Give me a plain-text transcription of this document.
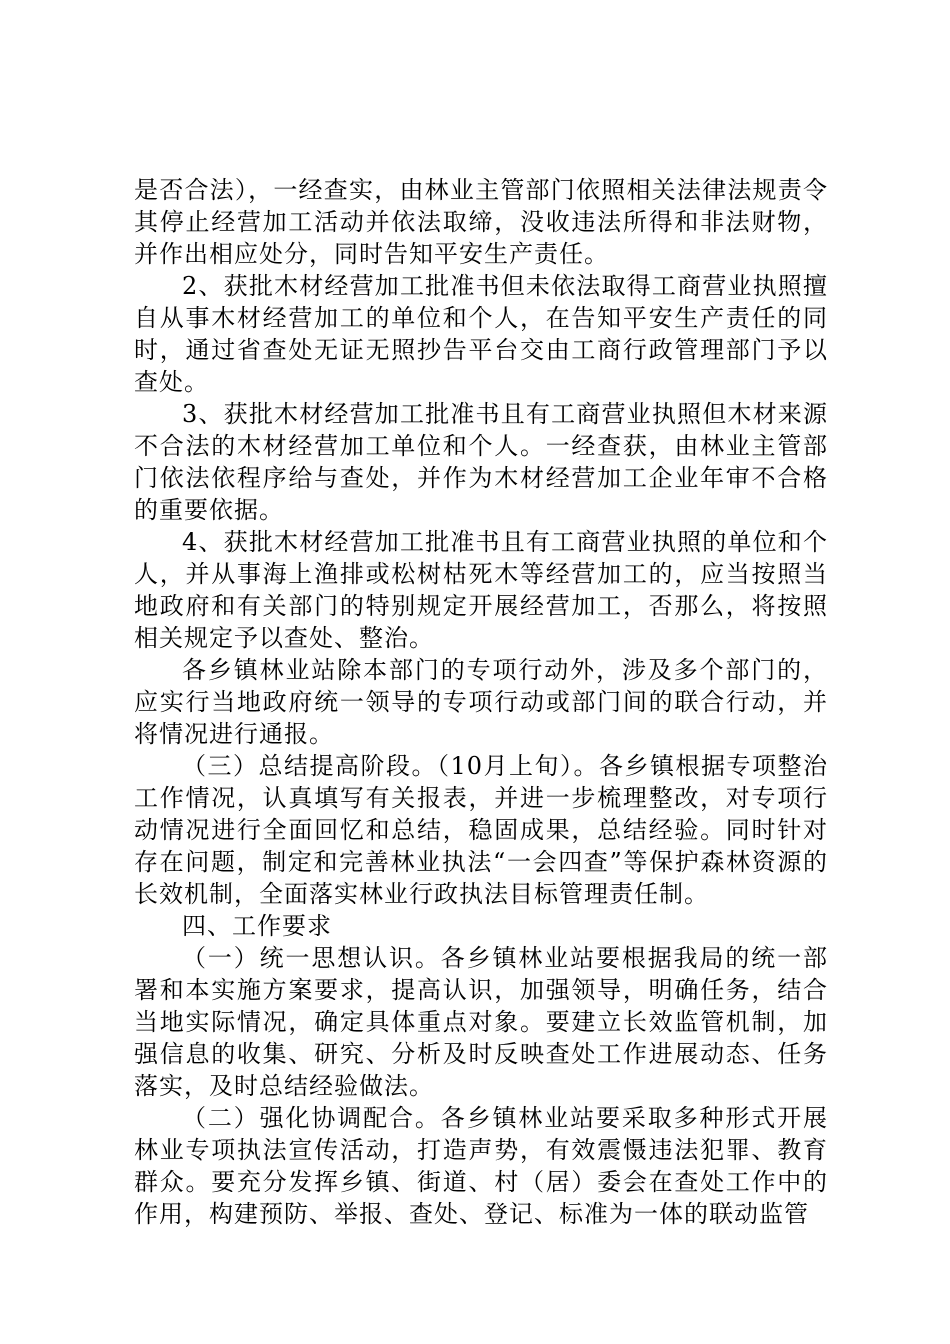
是否合法），一经查实，由林业主管部门依照相关法律法规责令其停止经营加工活动并依法取缔，没收违法所得和非法财物，并作出相应处分，同时告知平安生产责任。

2、获批木材经营加工批准书但未依法取得工商营业执照擅自从事木材经营加工的单位和个人，在告知平安生产责任的同时，通过省查处无证无照抄告平台交由工商行政管理部门予以查处。

3、获批木材经营加工批准书且有工商营业执照但木材来源不合法的木材经营加工单位和个人。一经查获，由林业主管部门依法依程序给与查处，并作为木材经营加工企业年审不合格的重要依据。

4、获批木材经营加工批准书且有工商营业执照的单位和个人，并从事海上渔排或松树枯死木等经营加工的，应当按照当地政府和有关部门的特别规定开展经营加工，否那么，将按照相关规定予以查处、整治。

各乡镇林业站除本部门的专项行动外，涉及多个部门的，应实行当地政府统一领导的专项行动或部门间的联合行动，并将情况进行通报。

（三）总结提高阶段。（10月上旬）。各乡镇根据专项整治工作情况，认真填写有关报表，并进一步梳理整改，对专项行动情况进行全面回忆和总结，稳固成果，总结经验。同时针对存在问题，制定和完善林业执法“一会四查”等保护森林资源的长效机制，全面落实林业行政执法目标管理责任制。

四、工作要求

（一）统一思想认识。各乡镇林业站要根据我局的统一部署和本实施方案要求，提高认识，加强领导，明确任务，结合当地实际情况，确定具体重点对象。要建立长效监管机制，加强信息的收集、研究、分析及时反映查处工作进展动态、任务落实，及时总结经验做法。

（二）强化协调配合。各乡镇林业站要采取多种形式开展林业专项执法宣传活动，打造声势，有效震慑违法犯罪、教育群众。要充分发挥乡镇、街道、村（居）委会在查处工作中的作用，构建预防、举报、查处、登记、标准为一体的联动监管
